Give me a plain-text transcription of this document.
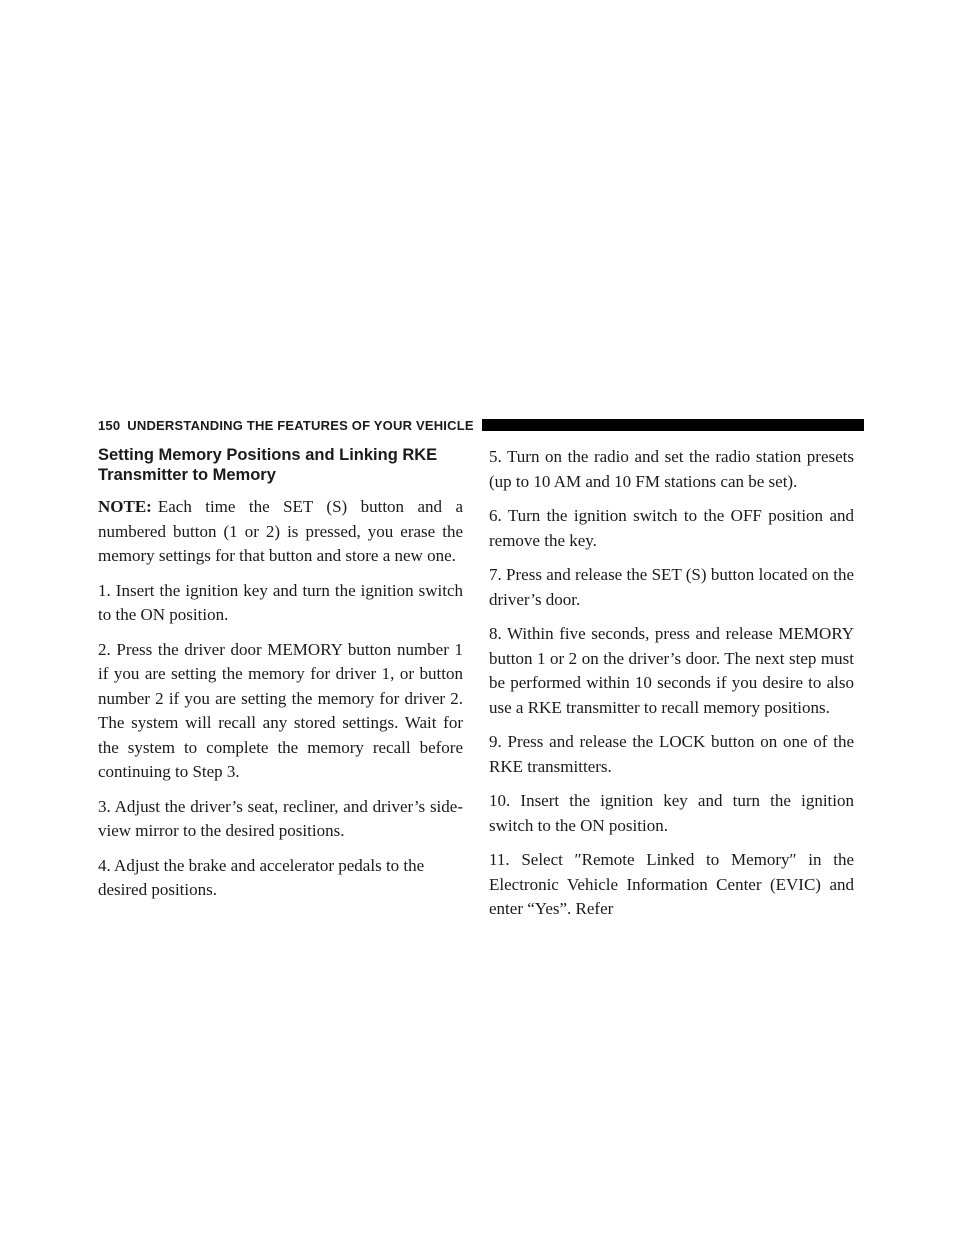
150 UNDERSTANDING THE FEATURES OF YOUR VEHICLE
Setting Memory Positions and Linking RKE Transmitter to Memory

NOTE: Each time the SET (S) button and a numbered button (1 or 2) is pressed, you erase the memory settings for that button and store a new one.

1. Insert the ignition key and turn the ignition switch to the ON position.

2. Press the driver door MEMORY button number 1 if you are setting the memory for driver 1, or button number 2 if you are setting the memory for driver 2. The system will recall any stored settings. Wait for the system to complete the memory recall before continuing to Step 3.

3. Adjust the driver’s seat, recliner, and driver’s side-view mirror to the desired positions.

4. Adjust the brake and accelerator pedals to the desired positions.

5. Turn on the radio and set the radio station presets (up to 10 AM and 10 FM stations can be set).

6. Turn the ignition switch to the OFF position and remove the key.

7. Press and release the SET (S) button located on the driver’s door.

8. Within five seconds, press and release MEMORY button 1 or 2 on the driver’s door. The next step must be performed within 10 seconds if you desire to also use a RKE transmitter to recall memory positions.

9. Press and release the LOCK button on one of the RKE transmitters.

10. Insert the ignition key and turn the ignition switch to the ON position.

11. Select ″Remote Linked to Memory″ in the Electronic Vehicle Information Center (EVIC) and enter “Yes”. Refer
